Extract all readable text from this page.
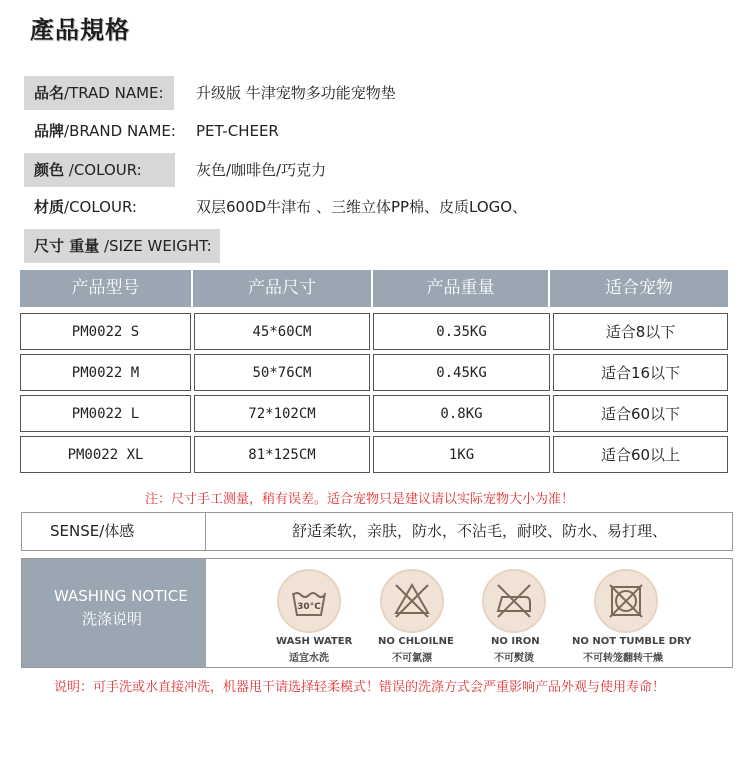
產品規格
品名/TRAD NAME: 升级版 牛津宠物多功能宠物垫
品牌/BRAND NAME: PET-CHEER
颜色 /COLOUR:	灰色/咖啡色/巧克力
材质/COLOUR:	双层600D牛津布 、三维立体PP棉、皮质LOGO、
尺寸 重量 /SIZE WEIGHT:
产品型号	产品尺寸	产品重量	适合宠物
PM0022 S	45*60CM	0.35KG	适合8以下
PM0022 M	50*76CM	0.45KG	适合16以下
PM0022 L	72*102CM	0.8KG	适合60以下
PM0022 XL	81*125CM	1KG	适合60以上
注：尺寸手工测量，稍有误差。适合宠物只是建议请以实际宠物大小为准！
SENSE/体感	舒适柔软，亲肤，防水，不沾毛，耐咬、防水、易打理、
WASHING NOTICE
洗涤说明
30°C
WASH WATER
适宜水洗
NO CHLOILNE
不可氯漂
NO IRON
不可熨烫
NO NOT TUMBLE DRY
不可转笼翻转干燥
说明：可手洗或水直接冲洗，机器甩干请选择轻柔模式！错误的洗涤方式会严重影响产品外观与使用寿命！
